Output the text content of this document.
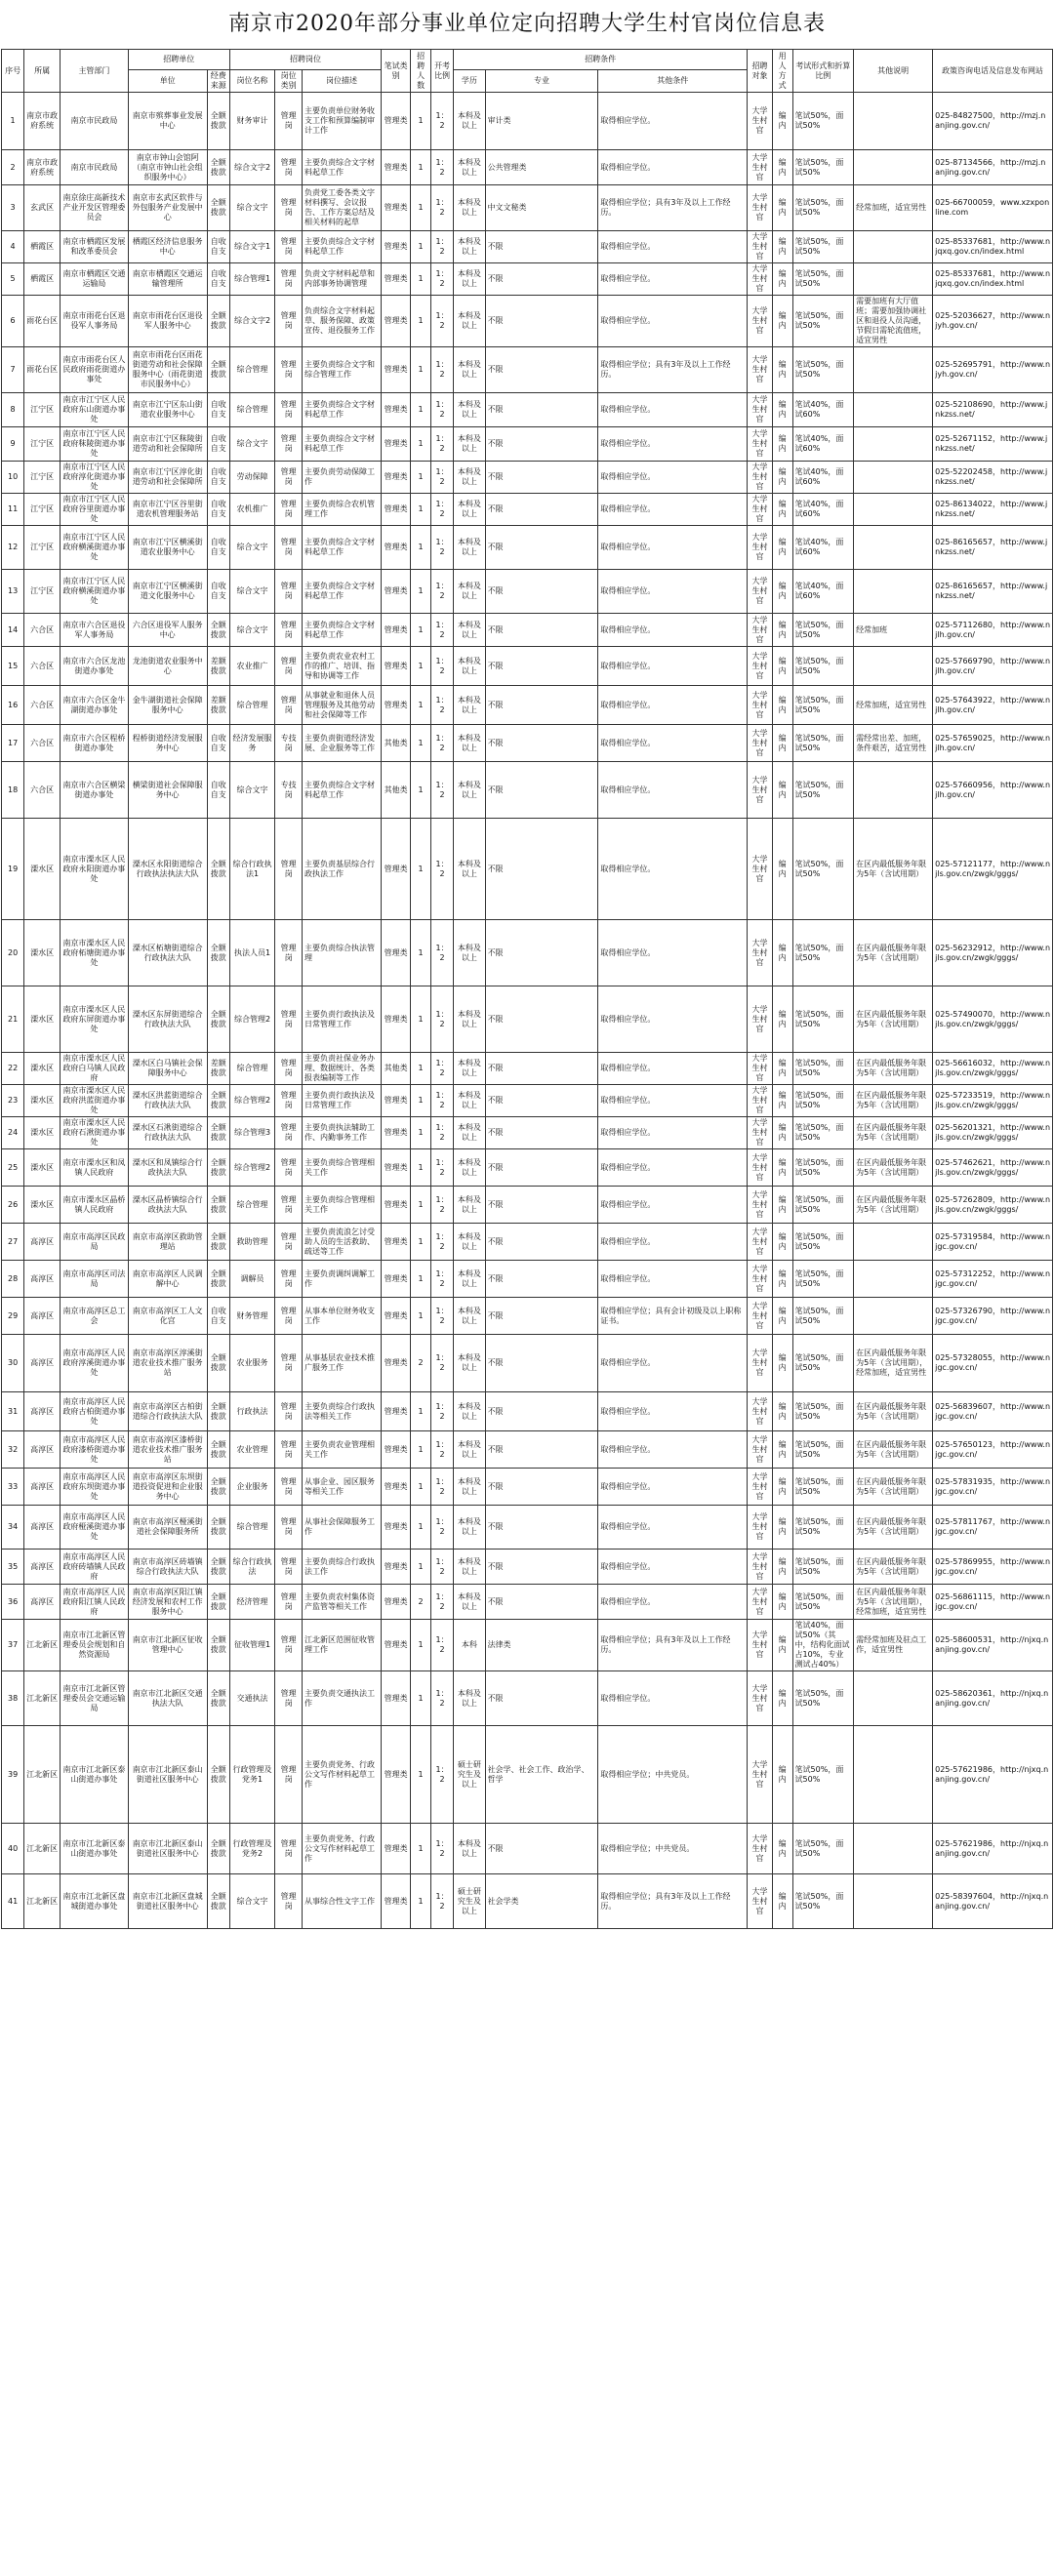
南京市2020年部分事业单位定向招聘大学生村官岗位信息表
序号	所属	主管部门	招聘单位		招聘岗位			笔试类别	招聘人数	开考比例	招聘条件			招聘对象	用人方式	考试形式和折算比例	其他说明	政策咨询电话及信息发布网站
			单位	经费来源	岗位名称	岗位类别	岗位描述				学历	专业	其他条件					
1	南京市政府系统	南京市民政局	南京市殡葬事业发展中心	全额拨款	财务审计	管理岗	主要负责单位财务收支工作和预算编制审计工作	管理类	1	1：2	本科及以上	审计类	取得相应学位。	大学生村官	编内	笔试50%，面试50%		025-84827500，http://mzj.nanjing.gov.cn/
2	南京市政府系统	南京市民政局	南京市钟山会馆阿（南京市钟山社会组织服务中心）	全额拨款	综合文字2	管理岗	主要负责综合文字材料起草工作	管理类	1	1：2	本科及以上	公共管理类	取得相应学位。	大学生村官	编内	笔试50%，面试50%		025-87134566，http://mzj.nanjing.gov.cn/
3	玄武区	南京徐庄高新技术产业开发区管理委员会	南京市玄武区软件与外包服务产业发展中心	全额拨款	综合文字	管理岗	负责党工委各类文字材料撰写、会议报告、工作方案总结及相关材料的起草	管理类	1	1：2	本科及以上	中文文秘类	取得相应学位；具有3年及以上工作经历。	大学生村官	编内	笔试50%，面试50%	经常加班，适宜男性	025-66700059，www.xzxponline.com
4	栖霞区	南京市栖霞区发展和改革委员会	栖霞区经济信息服务中心	自收自支	综合文字1	管理岗	主要负责综合文字材料起草工作	管理类	1	1：2	本科及以上	不限	取得相应学位。	大学生村官	编内	笔试50%，面试50%		025-85337681，http://www.njqxq.gov.cn/index.html
5	栖霞区	南京市栖霞区交通运输局	南京市栖霞区交通运输管理所	自收自支	综合管理1	管理岗	负责文字材料起草和内部事务协调管理	管理类	1	1：2	本科及以上	不限	取得相应学位。	大学生村官	编内	笔试50%，面试50%		025-85337681，http://www.njqxq.gov.cn/index.html
6	雨花台区	南京市雨花台区退役军人事务局	南京市雨花台区退役军人服务中心	全额拨款	综合文字2	管理岗	负责综合文字材料起草、服务保障、政策宣传、退役服务工作	管理类	1	1：2	本科及以上	不限	取得相应学位。	大学生村官	编内	笔试50%，面试50%	需要加班有大厅值班；需要加强协调社区和退役人员沟通，节假日需轮流值班，适宜男性	025-52036627，http://www.njyh.gov.cn/
7	雨花台区	南京市雨花台区人民政府雨花街道办事处	南京市雨花台区雨花街道劳动和社会保障服务中心（雨花街道市民服务中心）	全额拨款	综合管理	管理岗	主要负责综合文字和综合管理工作	管理类	1	1：2	本科及以上	不限	取得相应学位；具有3年及以上工作经历。	大学生村官	编内	笔试50%，面试50%		025-52695791，http://www.njyh.gov.cn/
8	江宁区	南京市江宁区人民政府东山街道办事处	南京市江宁区东山街道农业服务中心	自收自支	综合管理	管理岗	主要负责综合文字材料起草工作	管理类	1	1：2	本科及以上	不限	取得相应学位。	大学生村官	编内	笔试40%，面试60%		025-52108690，http://www.jnkzss.net/
9	江宁区	南京市江宁区人民政府秣陵街道办事处	南京市江宁区秣陵街道劳动和社会保障所	自收自支	综合文字	管理岗	主要负责综合文字材料起草工作	管理类	1	1：2	本科及以上	不限	取得相应学位。	大学生村官	编内	笔试40%，面试60%		025-52671152，http://www.jnkzss.net/
10	江宁区	南京市江宁区人民政府淳化街道办事处	南京市江宁区淳化街道劳动和社会保障所	自收自支	劳动保障	管理岗	主要负责劳动保障工作	管理类	1	1：2	本科及以上	不限	取得相应学位。	大学生村官	编内	笔试40%，面试60%		025-52202458，http://www.jnkzss.net/
11	江宁区	南京市江宁区人民政府谷里街道办事处	南京市江宁区谷里街道农机管理服务站	自收自支	农机推广	管理岗	主要负责综合农机管理工作	管理类	1	1：2	本科及以上	不限	取得相应学位。	大学生村官	编内	笔试40%，面试60%		025-86134022，http://www.jnkzss.net/
12	江宁区	南京市江宁区人民政府横溪街道办事处	南京市江宁区横溪街道农业服务中心	自收自支	综合文字	管理岗	主要负责综合文字材料起草工作	管理类	1	1：2	本科及以上	不限	取得相应学位。	大学生村官	编内	笔试40%，面试60%		025-86165657，http://www.jnkzss.net/
13	江宁区	南京市江宁区人民政府横溪街道办事处	南京市江宁区横溪街道文化服务中心	自收自支	综合文字	管理岗	主要负责综合文字材料起草工作	管理类	1	1：2	本科及以上	不限	取得相应学位。	大学生村官	编内	笔试40%，面试60%		025-86165657，http://www.jnkzss.net/
14	六合区	南京市六合区退役军人事务局	六合区退役军人服务中心	全额拨款	综合文字	管理岗	主要负责综合文字材料起草工作	管理类	1	1：2	本科及以上	不限	取得相应学位。	大学生村官	编内	笔试50%，面试50%	经常加班	025-57112680，http://www.njlh.gov.cn/
15	六合区	南京市六合区龙池街道办事处	龙池街道农业服务中心	差额拨款	农业推广	管理岗	主要负责农业农村工作的推广、培训、指导和协调等工作	管理类	1	1：2	本科及以上	不限	取得相应学位。	大学生村官	编内	笔试50%，面试50%		025-57669790，http://www.njlh.gov.cn/
16	六合区	南京市六合区金牛湖街道办事处	金牛湖街道社会保障服务中心	差额拨款	综合管理	管理岗	从事就业和退休人员管理服务及其他劳动和社会保障等工作	管理类	1	1：2	本科及以上	不限	取得相应学位。	大学生村官	编内	笔试50%，面试50%	经常加班，适宜男性	025-57643922，http://www.njlh.gov.cn/
17	六合区	南京市六合区程桥街道办事处	程桥街道经济发展服务中心	自收自支	经济发展服务	专技岗	主要负责街道经济发展、企业服务等工作	其他类	1	1：2	本科及以上	不限	取得相应学位。	大学生村官	编内	笔试50%，面试50%	需经常出差、加班，条件艰苦，适宜男性	025-57659025，http://www.njlh.gov.cn/
18	六合区	南京市六合区横梁街道办事处	横梁街道社会保障服务中心	自收自支	综合文字	专技岗	主要负责综合文字材料起草工作	其他类	1	1：2	本科及以上	不限	取得相应学位。	大学生村官	编内	笔试50%，面试50%		025-57660956，http://www.njlh.gov.cn/
19	溧水区	南京市溧水区人民政府永阳街道办事处	溧水区永阳街道综合行政执法执法大队	全额拨款	综合行政执法1	管理岗	主要负责基层综合行政执法工作	管理类	1	1：2	本科及以上	不限	取得相应学位。	大学生村官	编内	笔试50%，面试50%	在区内最低服务年限为5年（含试用期）	025-57121177，http://www.njls.gov.cn/zwgk/gggs/
20	溧水区	南京市溧水区人民政府柘塘街道办事处	溧水区柘塘街道综合行政执法大队	全额拨款	执法人员1	管理岗	主要负责综合执法管理	管理类	1	1：2	本科及以上	不限	取得相应学位。	大学生村官	编内	笔试50%，面试50%	在区内最低服务年限为5年（含试用期）	025-56232912，http://www.njls.gov.cn/zwgk/gggs/
21	溧水区	南京市溧水区人民政府东屏街道办事处	溧水区东屏街道综合行政执法大队	全额拨款	综合管理2	管理岗	主要负责行政执法及日常管理工作	管理类	1	1：2	本科及以上	不限	取得相应学位。	大学生村官	编内	笔试50%，面试50%	在区内最低服务年限为5年（含试用期）	025-57490070，http://www.njls.gov.cn/zwgk/gggs/
22	溧水区	南京市溧水区人民政府白马镇人民政府	溧水区白马镇社会保障服务中心	差额拨款	综合管理	管理岗	主要负责社保业务办理、数据统计、各类报表编制等工作	其他类	1	1：2	本科及以上	不限	取得相应学位。	大学生村官	编内	笔试50%，面试50%	在区内最低服务年限为5年（含试用期）	025-56616032，http://www.njls.gov.cn/zwgk/gggs/
23	溧水区	南京市溧水区人民政府洪蓝街道办事处	溧水区洪蓝街道综合行政执法大队	全额拨款	综合管理2	管理岗	主要负责行政执法及日常管理工作	管理类	1	1：2	本科及以上	不限	取得相应学位。	大学生村官	编内	笔试50%，面试50%	在区内最低服务年限为5年（含试用期）	025-57233519，http://www.njls.gov.cn/zwgk/gggs/
24	溧水区	南京市溧水区人民政府石湫街道办事处	溧水区石湫街道综合行政执法大队	全额拨款	综合管理3	管理岗	主要负责执法辅助工作、内勤事务工作	管理类	1	1：2	本科及以上	不限	取得相应学位。	大学生村官	编内	笔试50%，面试50%	在区内最低服务年限为5年（含试用期）	025-56201321，http://www.njls.gov.cn/zwgk/gggs/
25	溧水区	南京市溧水区和凤镇人民政府	溧水区和凤镇综合行政执法大队	全额拨款	综合管理2	管理岗	主要负责综合管理相关工作	管理类	1	1：2	本科及以上	不限	取得相应学位。	大学生村官	编内	笔试50%，面试50%	在区内最低服务年限为5年（含试用期）	025-57462621，http://www.njls.gov.cn/zwgk/gggs/
26	溧水区	南京市溧水区晶桥镇人民政府	溧水区晶桥镇综合行政执法大队	全额拨款	综合管理	管理岗	主要负责综合管理相关工作	管理类	1	1：2	本科及以上	不限	取得相应学位。	大学生村官	编内	笔试50%，面试50%	在区内最低服务年限为5年（含试用期）	025-57262809，http://www.njls.gov.cn/zwgk/gggs/
27	高淳区	南京市高淳区民政局	南京市高淳区救助管理站	全额拨款	救助管理	管理岗	主要负责流浪乞讨受助人员的生活救助、疏送等工作	管理类	1	1：2	本科及以上	不限	取得相应学位。	大学生村官	编内	笔试50%，面试50%		025-57319584，http://www.njgc.gov.cn/
28	高淳区	南京市高淳区司法局	南京市高淳区人民调解中心	全额拨款	调解员	管理岗	主要负责调纠调解工作	管理类	1	1：2	本科及以上	不限	取得相应学位。	大学生村官	编内	笔试50%，面试50%		025-57312252，http://www.njgc.gov.cn/
29	高淳区	南京市高淳区总工会	南京市高淳区工人文化宫	自收自支	财务管理	管理岗	从事本单位财务收支工作	管理类	1	1：2	本科及以上	不限	取得相应学位；具有会计初级及以上职称证书。	大学生村官	编内	笔试50%，面试50%		025-57326790，http://www.njgc.gov.cn/
30	高淳区	南京市高淳区人民政府淳溪街道办事处	南京市高淳区淳溪街道农业技术推广服务站	全额拨款	农业服务	管理岗	从事基层农业技术推广服务工作	管理类	2	1：2	本科及以上	不限	取得相应学位。	大学生村官	编内	笔试50%，面试50%	在区内最低服务年限为5年（含试用期），经常加班，适宜男性	025-57328055，http://www.njgc.gov.cn/
31	高淳区	南京市高淳区人民政府古柏街道办事处	南京市高淳区古柏街道综合行政执法大队	全额拨款	行政执法	管理岗	主要负责综合行政执法等相关工作	管理类	1	1：2	本科及以上	不限	取得相应学位。	大学生村官	编内	笔试50%，面试50%	在区内最低服务年限为5年（含试用期）	025-56839607，http://www.njgc.gov.cn/
32	高淳区	南京市高淳区人民政府漆桥街道办事处	南京市高淳区漆桥街道农业技术推广服务站	全额拨款	农业管理	管理岗	主要负责农业管理相关工作	管理类	1	1：2	本科及以上	不限	取得相应学位。	大学生村官	编内	笔试50%，面试50%	在区内最低服务年限为5年（含试用期）	025-57650123，http://www.njgc.gov.cn/
33	高淳区	南京市高淳区人民政府东坝街道办事处	南京市高淳区东坝街道投资促进和企业服务中心	全额拨款	企业服务	管理岗	从事企业、园区服务等相关工作	管理类	1	1：2	本科及以上	不限	取得相应学位。	大学生村官	编内	笔试50%，面试50%	在区内最低服务年限为5年（含试用期）	025-57831935，http://www.njgc.gov.cn/
34	高淳区	南京市高淳区人民政府桠溪街道办事处	南京市高淳区桠溪街道社会保障服务所	全额拨款	综合管理	管理岗	从事社会保障服务工作	管理类	1	1：2	本科及以上	不限	取得相应学位。	大学生村官	编内	笔试50%，面试50%	在区内最低服务年限为5年（含试用期）	025-57811767，http://www.njgc.gov.cn/
35	高淳区	南京市高淳区人民政府砖墙镇人民政府	南京市高淳区砖墙镇综合行政执法大队	全额拨款	综合行政执法	管理岗	主要负责综合行政执法工作	管理类	1	1：2	本科及以上	不限	取得相应学位。	大学生村官	编内	笔试50%，面试50%	在区内最低服务年限为5年（含试用期）	025-57869955，http://www.njgc.gov.cn/
36	高淳区	南京市高淳区人民政府阳江镇人民政府	南京市高淳区阳江镇经济发展和农村工作服务中心	全额拨款	经济管理	管理岗	主要负责农村集体资产监管等相关工作	管理类	2	1：2	本科及以上	不限	取得相应学位。	大学生村官	编内	笔试50%，面试50%	在区内最低服务年限为5年（含试用期），经常加班，适宜男性	025-56861115，http://www.njgc.gov.cn/
37	江北新区	南京市江北新区管理委员会规划和自然资源局	南京市江北新区征收管理中心	全额拨款	征收管理1	管理岗	江北新区范围征收管理工作	管理类	1	1：2	本科	法律类	取得相应学位；具有3年及以上工作经历。	大学生村官	编内	笔试40%，面试50%（其中，结构化面试占10%，专业测试占40%）	需经常加班及驻点工作，适宜男性	025-58600531，http://njxq.nanjing.gov.cn/
38	江北新区	南京市江北新区管理委员会交通运输局	南京市江北新区交通执法大队	全额拨款	交通执法	管理岗	主要负责交通执法工作	管理类	1	1：2	本科及以上	不限	取得相应学位。	大学生村官	编内	笔试50%，面试50%		025-58620361，http://njxq.nanjing.gov.cn/
39	江北新区	南京市江北新区泰山街道办事处	南京市江北新区泰山街道社区服务中心	全额拨款	行政管理及党务1	管理岗	主要负责党务、行政公文写作材料起草工作	管理类	1	1：2	硕士研究生及以上	社会学、社会工作、政治学、哲学	取得相应学位；中共党员。	大学生村官	编内	笔试50%，面试50%		025-57621986，http://njxq.nanjing.gov.cn/
40	江北新区	南京市江北新区泰山街道办事处	南京市江北新区泰山街道社区服务中心	全额拨款	行政管理及党务2	管理岗	主要负责党务、行政公文写作材料起草工作	管理类	1	1：2	本科及以上	不限	取得相应学位；中共党员。	大学生村官	编内	笔试50%，面试50%		025-57621986，http://njxq.nanjing.gov.cn/
41	江北新区	南京市江北新区盘城街道办事处	南京市江北新区盘城街道社区服务中心	全额拨款	综合文字	管理岗	从事综合性文字工作	管理类	1	1：2	硕士研究生及以上	社会学类	取得相应学位；具有3年及以上工作经历。	大学生村官	编内	笔试50%，面试50%		025-58397604，http://njxq.nanjing.gov.cn/
